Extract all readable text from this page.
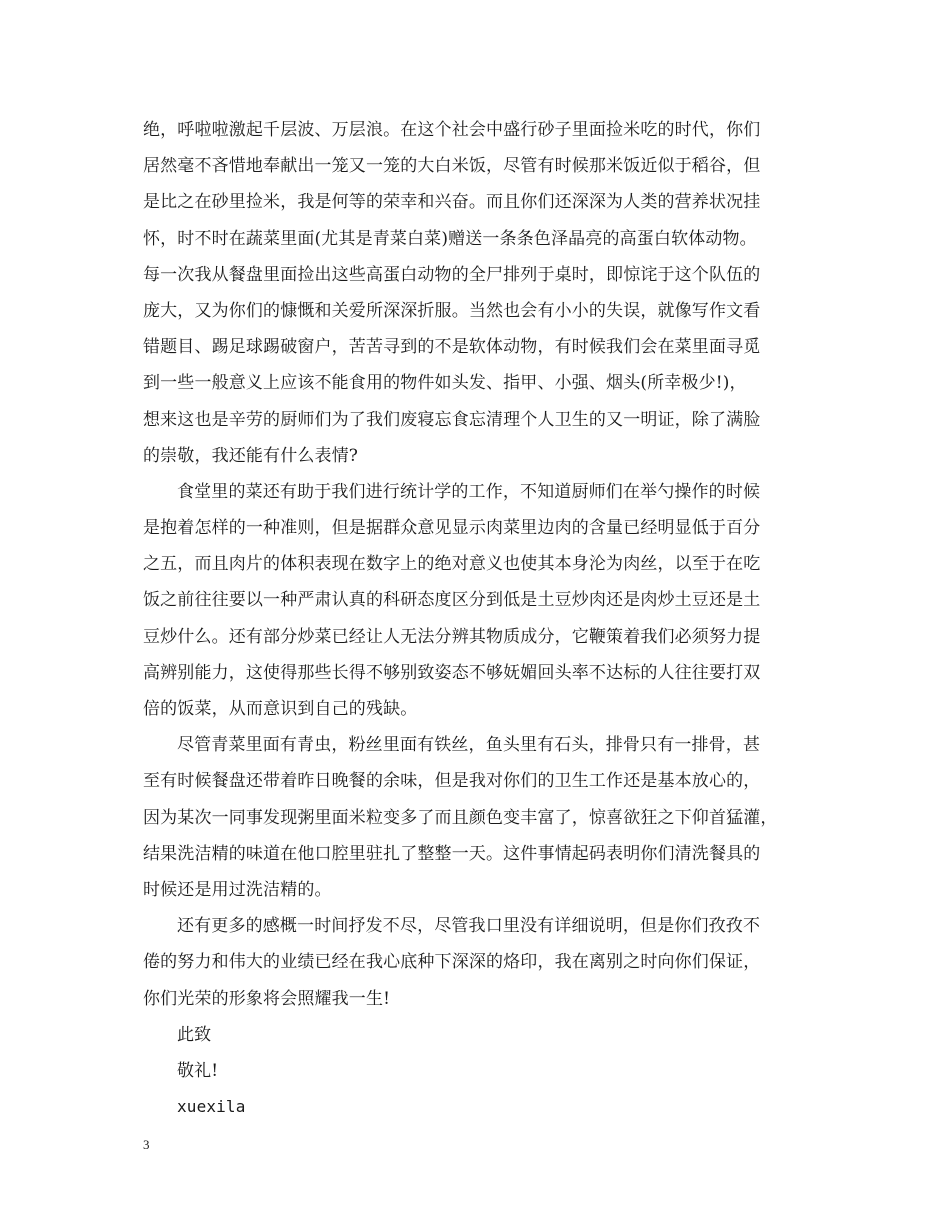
绝，呼啦啦激起千层波、万层浪。在这个社会中盛行砂子里面捡米吃的时代，你们
居然毫不吝惜地奉献出一笼又一笼的大白米饭，尽管有时候那米饭近似于稻谷，但
是比之在砂里捡米，我是何等的荣幸和兴奋。而且你们还深深为人类的营养状况挂
怀，时不时在蔬菜里面(尤其是青菜白菜)赠送一条条色泽晶亮的高蛋白软体动物。
每一次我从餐盘里面捡出这些高蛋白动物的全尸排列于桌时，即惊诧于这个队伍的
庞大，又为你们的慷慨和关爱所深深折服。当然也会有小小的失误，就像写作文看
错题目、踢足球踢破窗户，苦苦寻到的不是软体动物，有时候我们会在菜里面寻觅
到一些一般意义上应该不能食用的物件如头发、指甲、小强、烟头(所幸极少!)，
想来这也是辛劳的厨师们为了我们废寝忘食忘清理个人卫生的又一明证，除了满脸
的崇敬，我还能有什么表情?
食堂里的菜还有助于我们进行统计学的工作，不知道厨师们在举勺操作的时候
是抱着怎样的一种准则，但是据群众意见显示肉菜里边肉的含量已经明显低于百分
之五，而且肉片的体积表现在数字上的绝对意义也使其本身沦为肉丝，以至于在吃
饭之前往往要以一种严肃认真的科研态度区分到低是土豆炒肉还是肉炒土豆还是土
豆炒什么。还有部分炒菜已经让人无法分辨其物质成分，它鞭策着我们必须努力提
高辨别能力，这使得那些长得不够别致姿态不够妩媚回头率不达标的人往往要打双
倍的饭菜，从而意识到自己的残缺。
尽管青菜里面有青虫，粉丝里面有铁丝，鱼头里有石头，排骨只有一排骨，甚
至有时候餐盘还带着昨日晚餐的余味，但是我对你们的卫生工作还是基本放心的，
因为某次一同事发现粥里面米粒变多了而且颜色变丰富了，惊喜欲狂之下仰首猛灌，
结果洗洁精的味道在他口腔里驻扎了整整一天。这件事情起码表明你们清洗餐具的
时候还是用过洗洁精的。
还有更多的感概一时间抒发不尽，尽管我口里没有详细说明，但是你们孜孜不
倦的努力和伟大的业绩已经在我心底种下深深的烙印，我在离别之时向你们保证，
你们光荣的形象将会照耀我一生!
此致
敬礼!
xuexila
3
